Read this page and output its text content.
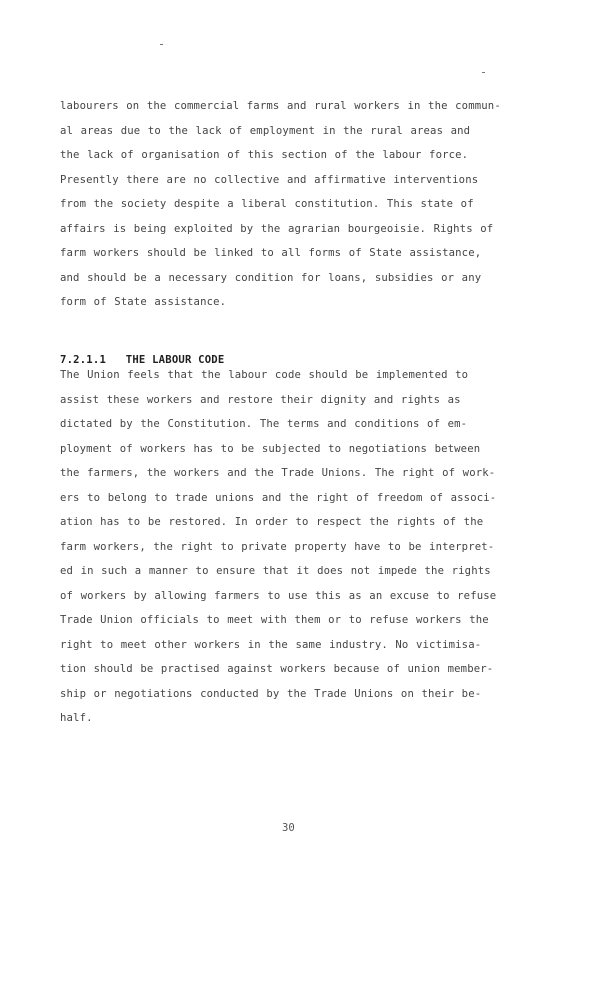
labourers on the commercial farms and rural workers in the commun-
al areas due to the lack of employment in the rural areas and
the lack of organisation of this section of the labour force.
Presently there are no collective and affirmative interventions
from the society despite a liberal constitution. This state of
affairs is being exploited by the agrarian bourgeoisie. Rights of
farm workers should be linked to all forms of State assistance,
and should be a necessary condition for loans, subsidies or any
form of State assistance.
7.2.1.1   THE LABOUR CODE
The Union feels that the labour code should be implemented to
assist these workers and restore their dignity and rights as
dictated by the Constitution. The terms and conditions of em-
ployment of workers has to be subjected to negotiations between
the farmers, the workers and the Trade Unions. The right of work-
ers to belong to trade unions and the right of freedom of associ-
ation has to be restored. In order to respect the rights of the
farm workers, the right to private property have to be interpret-
ed in such a manner to ensure that it does not impede the rights
of workers by allowing farmers to use this as an excuse to refuse
Trade Union officials to meet with them or to refuse workers the
right to meet other workers in the same industry. No victimisa-
tion should be practised against workers because of union member-
ship or negotiations conducted by the Trade Unions on their be-
half.
30
